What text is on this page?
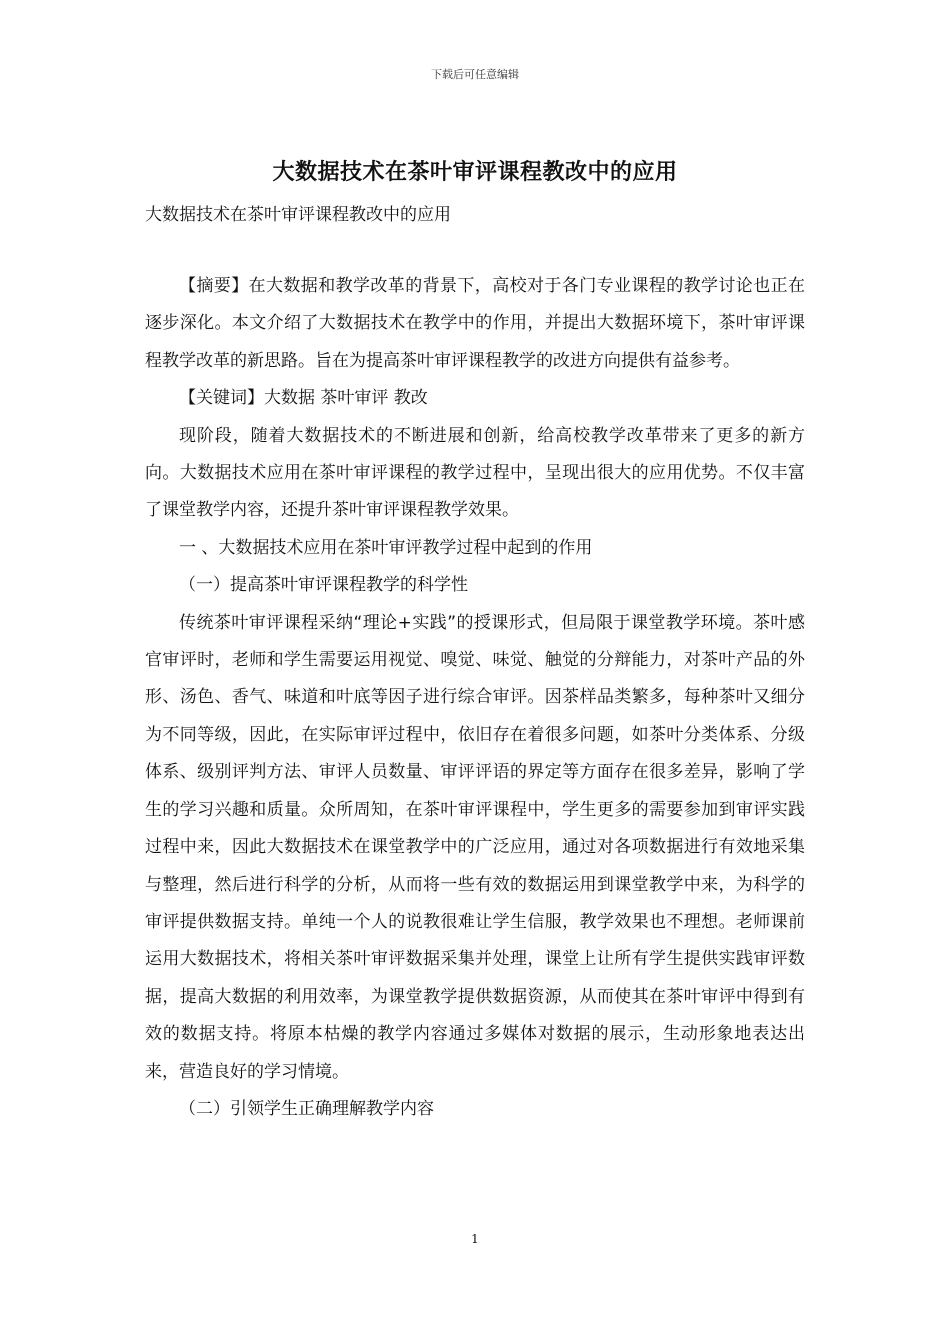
下载后可任意编辑
大数据技术在茶叶审评课程教改中的应用
大数据技术在茶叶审评课程教改中的应用

【摘要】在大数据和教学改革的背景下，高校对于各门专业课程的教学讨论也正在逐步深化。本文介绍了大数据技术在教学中的作用，并提出大数据环境下，茶叶审评课程教学改革的新思路。旨在为提高茶叶审评课程教学的改进方向提供有益参考。

【关键词】大数据 茶叶审评 教改

现阶段，随着大数据技术的不断进展和创新，给高校教学改革带来了更多的新方向。大数据技术应用在茶叶审评课程的教学过程中，呈现出很大的应用优势。不仅丰富了课堂教学内容，还提升茶叶审评课程教学效果。

一 、大数据技术应用在茶叶审评教学过程中起到的作用

（一）提高茶叶审评课程教学的科学性

传统茶叶审评课程采纳“理论+实践”的授课形式，但局限于课堂教学环境。茶叶感官审评时，老师和学生需要运用视觉、嗅觉、味觉、触觉的分辩能力，对茶叶产品的外形、汤色、香气、味道和叶底等因子进行综合审评。因茶样品类繁多，每种茶叶又细分为不同等级，因此，在实际审评过程中，依旧存在着很多问题，如茶叶分类体系、分级体系、级别评判方法、审评人员数量、审评评语的界定等方面存在很多差异，影响了学生的学习兴趣和质量。众所周知，在茶叶审评课程中，学生更多的需要参加到审评实践过程中来，因此大数据技术在课堂教学中的广泛应用，通过对各项数据进行有效地采集与整理，然后进行科学的分析，从而将一些有效的数据运用到课堂教学中来，为科学的审评提供数据支持。单纯一个人的说教很难让学生信服，教学效果也不理想。老师课前运用大数据技术，将相关茶叶审评数据采集并处理，课堂上让所有学生提供实践审评数据，提高大数据的利用效率，为课堂教学提供数据资源，从而使其在茶叶审评中得到有效的数据支持。将原本枯燥的教学内容通过多媒体对数据的展示，生动形象地表达出来，营造良好的学习情境。

（二）引领学生正确理解教学内容

1
